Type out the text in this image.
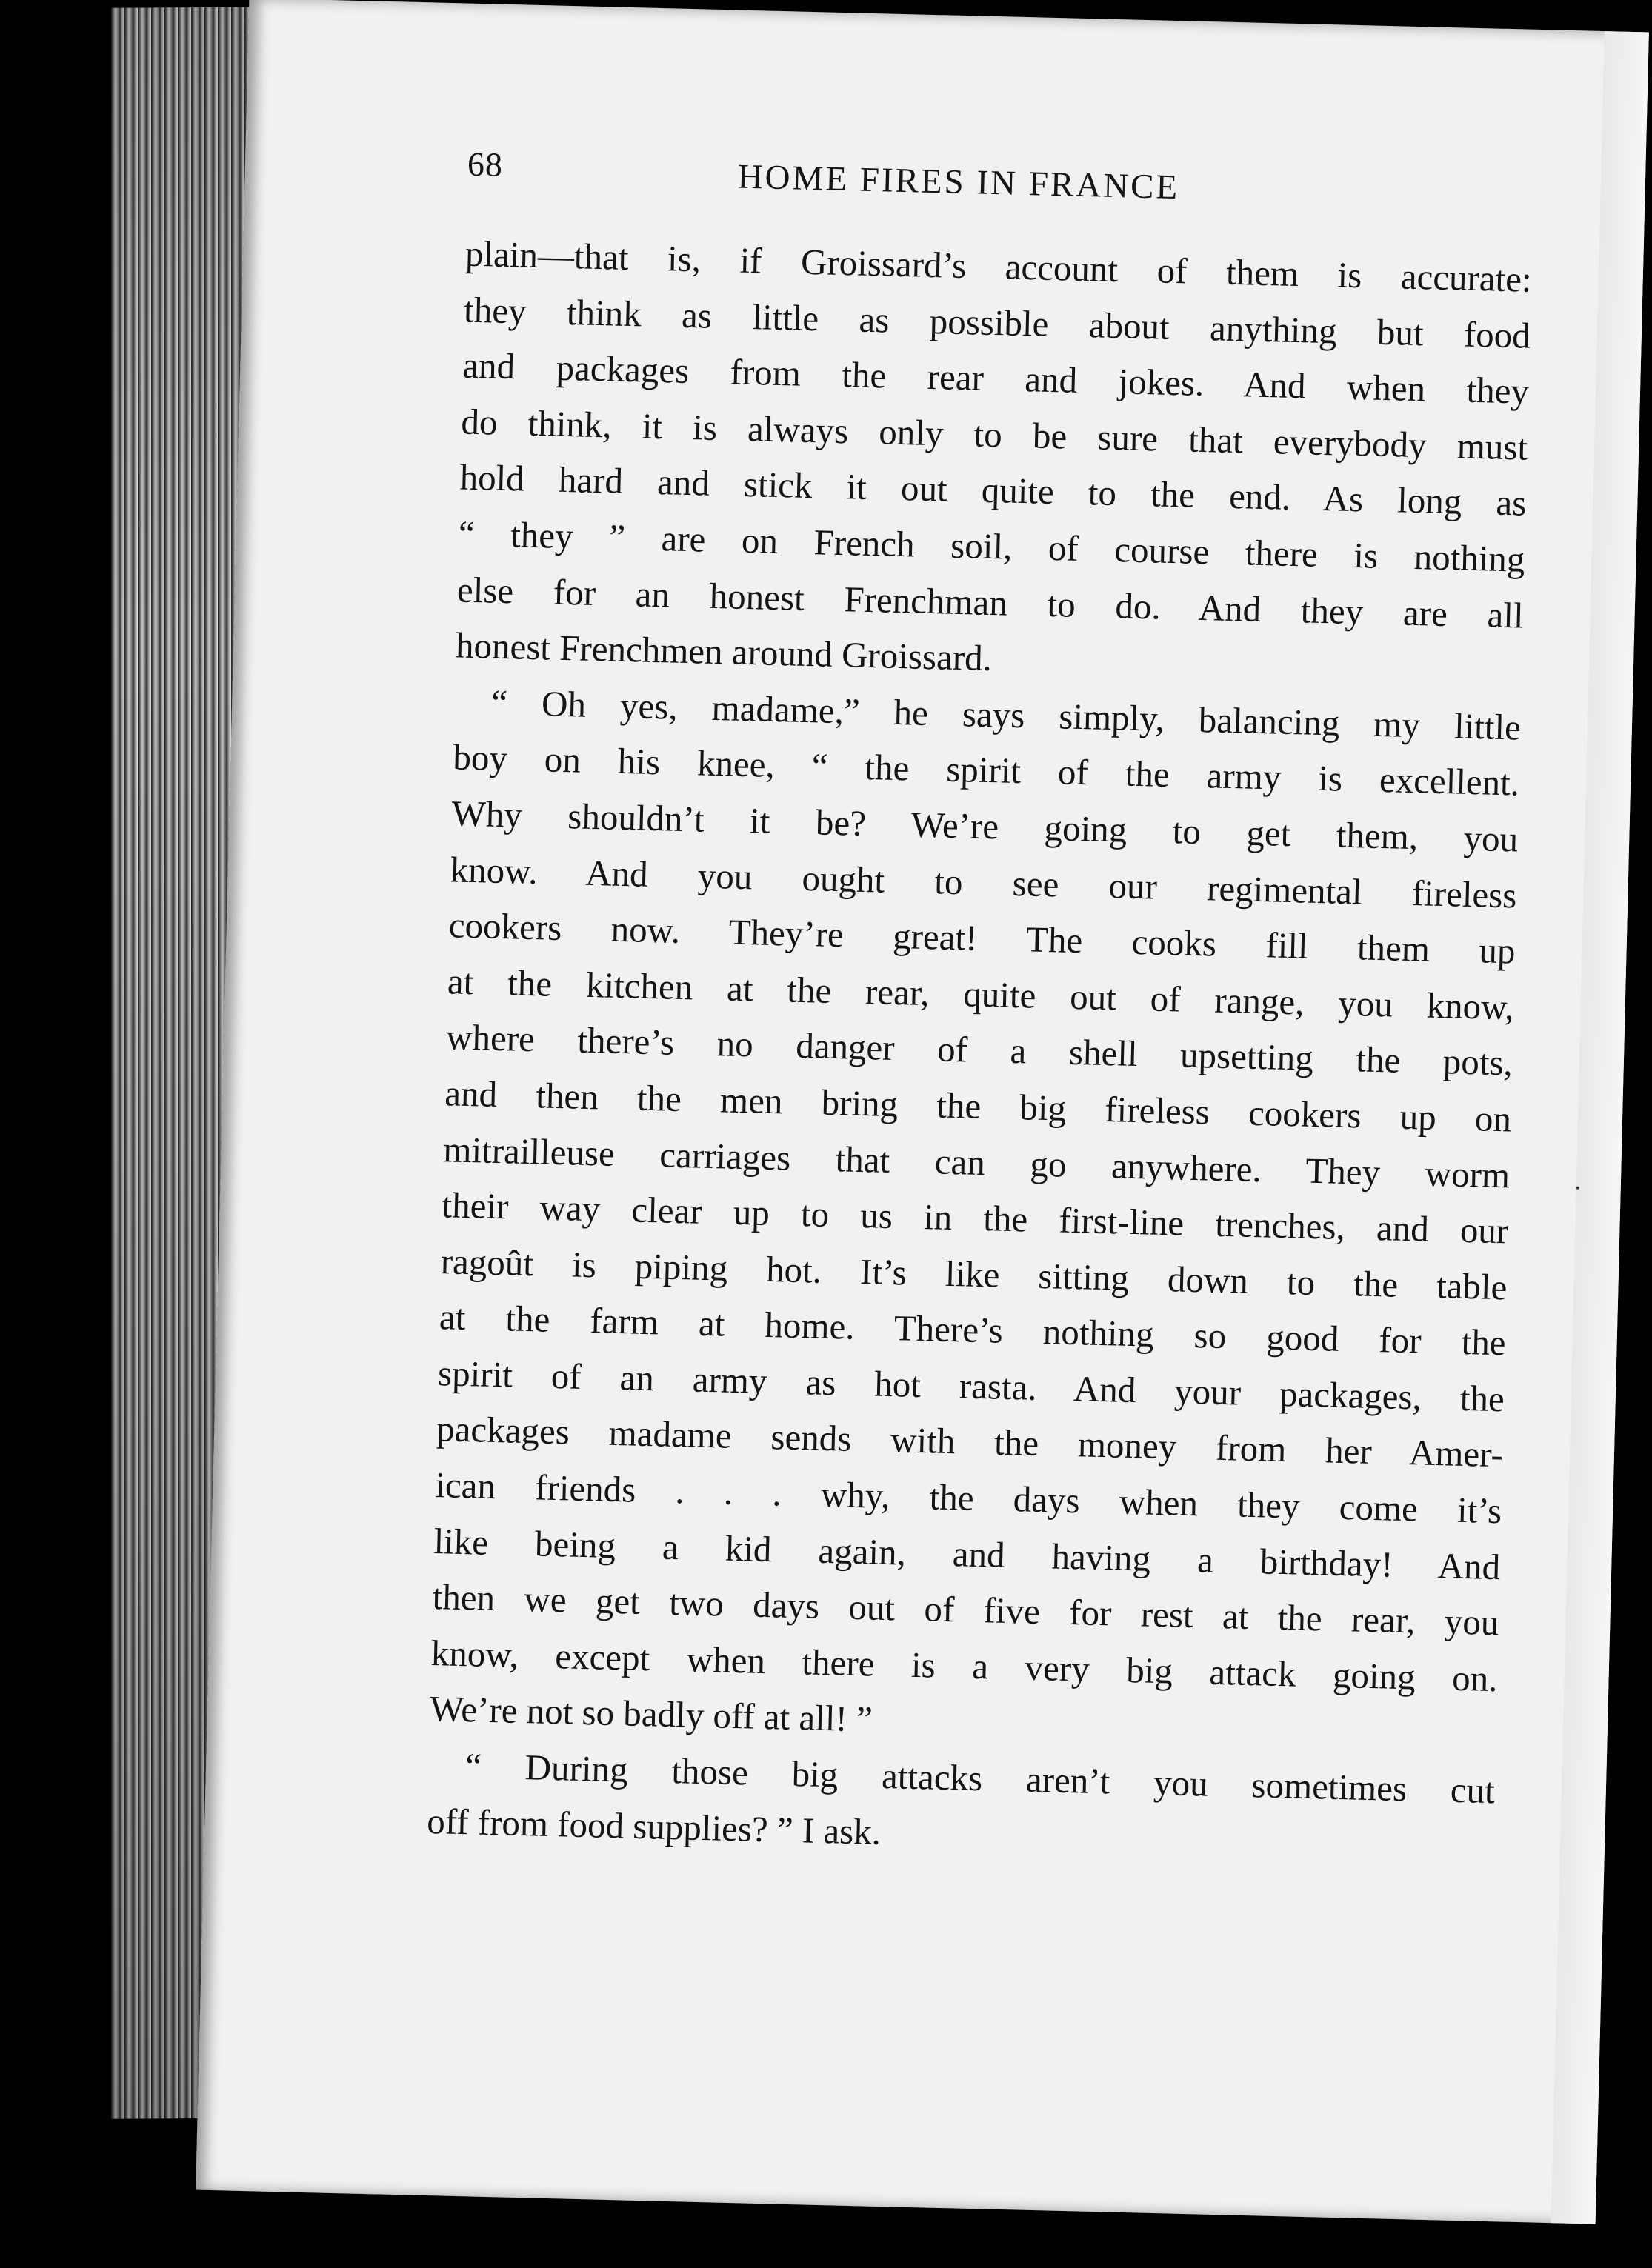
68	HOME FIRES IN FRANCE
plain—that is, if Groissard’s account of them is accurate:
they think as little as possible about anything but food
and packages from the rear and jokes. And when they
do think, it is always only to be sure that everybody must
hold hard and stick it out quite to the end. As long as
“ they ” are on French soil, of course there is nothing
else for an honest Frenchman to do. And they are all
honest Frenchmen around Groissard.
“ Oh yes, madame,” he says simply, balancing my little
boy on his knee, “ the spirit of the army is excellent.
Why shouldn’t it be? We’re going to get them, you
know. And you ought to see our regimental fireless
cookers now. They’re great! The cooks fill them up
at the kitchen at the rear, quite out of range, you know,
where there’s no danger of a shell upsetting the pots,
and then the men bring the big fireless cookers up on
mitrailleuse carriages that can go anywhere. They worm
their way clear up to us in the first-line trenches, and our
ragoût is piping hot. It’s like sitting down to the table
at the farm at home. There’s nothing so good for the
spirit of an army as hot rasta. And your packages, the
packages madame sends with the money from her Amer-
ican friends . . . why, the days when they come it’s
like being a kid again, and having a birthday! And
then we get two days out of five for rest at the rear, you
know, except when there is a very big attack going on.
We’re not so badly off at all! ”
“ During those big attacks aren’t you sometimes cut
off from food supplies? ” I ask.
